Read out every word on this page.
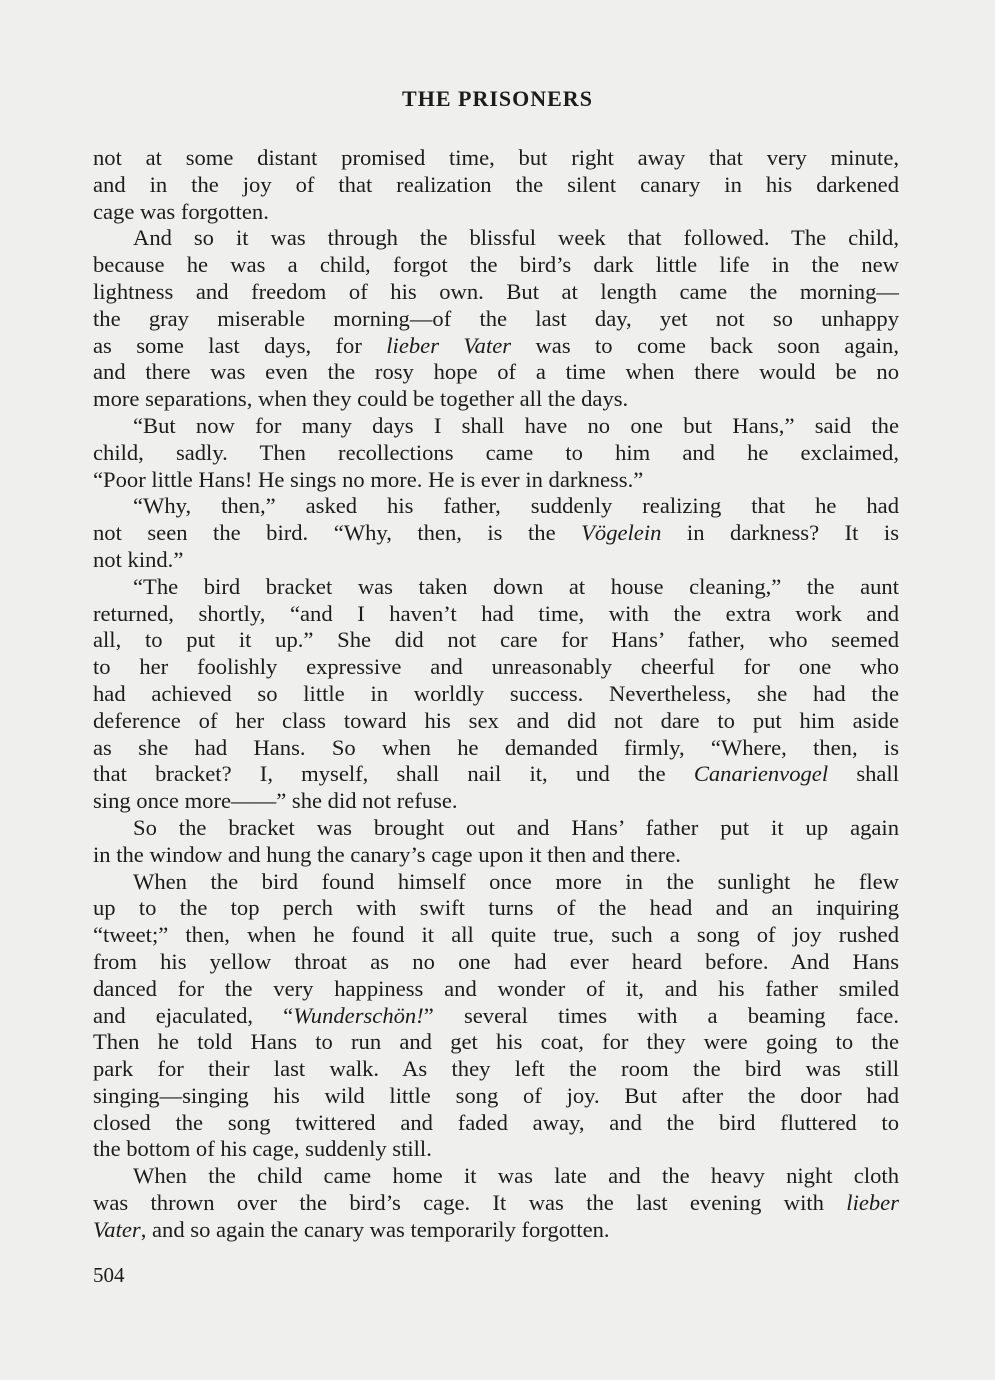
THE PRISONERS
not at some distant promised time, but right away that very minute,
and in the joy of that realization the silent canary in his darkened
cage was forgotten.
And so it was through the blissful week that followed. The child,
because he was a child, forgot the bird’s dark little life in the new
lightness and freedom of his own. But at length came the morning—
the gray miserable morning—of the last day, yet not so unhappy
as some last days, for lieber Vater was to come back soon again,
and there was even the rosy hope of a time when there would be no
more separations, when they could be together all the days.
“But now for many days I shall have no one but Hans,” said the
child, sadly. Then recollections came to him and he exclaimed,
“Poor little Hans! He sings no more. He is ever in darkness.”
“Why, then,” asked his father, suddenly realizing that he had
not seen the bird. “Why, then, is the Vögelein in darkness? It is
not kind.”
“The bird bracket was taken down at house cleaning,” the aunt
returned, shortly, “and I haven’t had time, with the extra work and
all, to put it up.” She did not care for Hans’ father, who seemed
to her foolishly expressive and unreasonably cheerful for one who
had achieved so little in worldly success. Nevertheless, she had the
deference of her class toward his sex and did not dare to put him aside
as she had Hans. So when he demanded firmly, “Where, then, is
that bracket? I, myself, shall nail it, und the Canarienvogel shall
sing once more——” she did not refuse.
So the bracket was brought out and Hans’ father put it up again
in the window and hung the canary’s cage upon it then and there.
When the bird found himself once more in the sunlight he flew
up to the top perch with swift turns of the head and an inquiring
“tweet;” then, when he found it all quite true, such a song of joy rushed
from his yellow throat as no one had ever heard before. And Hans
danced for the very happiness and wonder of it, and his father smiled
and ejaculated, “Wunderschön!” several times with a beaming face.
Then he told Hans to run and get his coat, for they were going to the
park for their last walk. As they left the room the bird was still
singing—singing his wild little song of joy. But after the door had
closed the song twittered and faded away, and the bird fluttered to
the bottom of his cage, suddenly still.
When the child came home it was late and the heavy night cloth
was thrown over the bird’s cage. It was the last evening with lieber
Vater, and so again the canary was temporarily forgotten.
504
